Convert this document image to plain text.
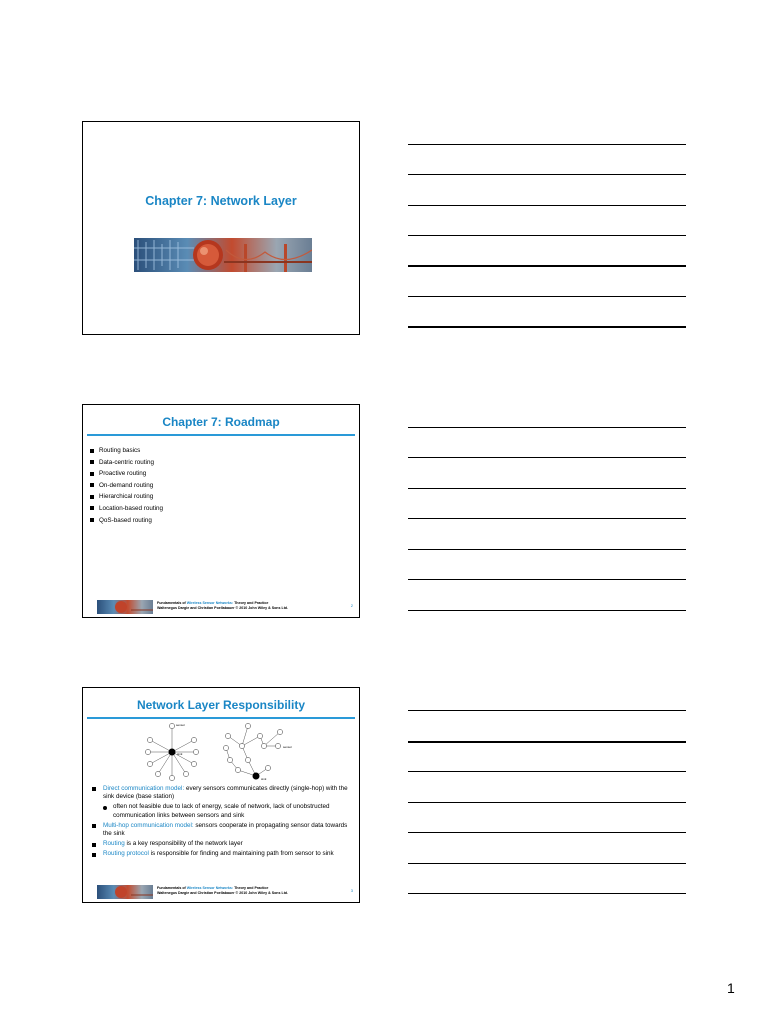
Chapter 7: Network Layer
Chapter 7: Roadmap
Routing basics
Data-centric routing
Proactive routing
On-demand routing
Hierarchical routing
Location-based routing
QoS-based routing
Fundamentals of Wireless Sensor Networks: Theory and Practice
Waltenegus Dargie and Christian Poellabauer © 2010 John Wiley & Sons Ltd.	2
Network Layer Responsibility
sensor
sink
sensor
sink
Direct communication model: every sensors communicates directly (single-hop) with the sink device (base station)
often not feasible due to lack of energy, scale of network, lack of unobstructed communication links between sensors and sink
Multi-hop communication model: sensors cooperate in propagating sensor data towards the sink
Routing is a key responsibility of the network layer
Routing protocol is responsible for finding and maintaining path from sensor to sink
Fundamentals of Wireless Sensor Networks: Theory and Practice
Waltenegus Dargie and Christian Poellabauer © 2010 John Wiley & Sons Ltd.	3
1
